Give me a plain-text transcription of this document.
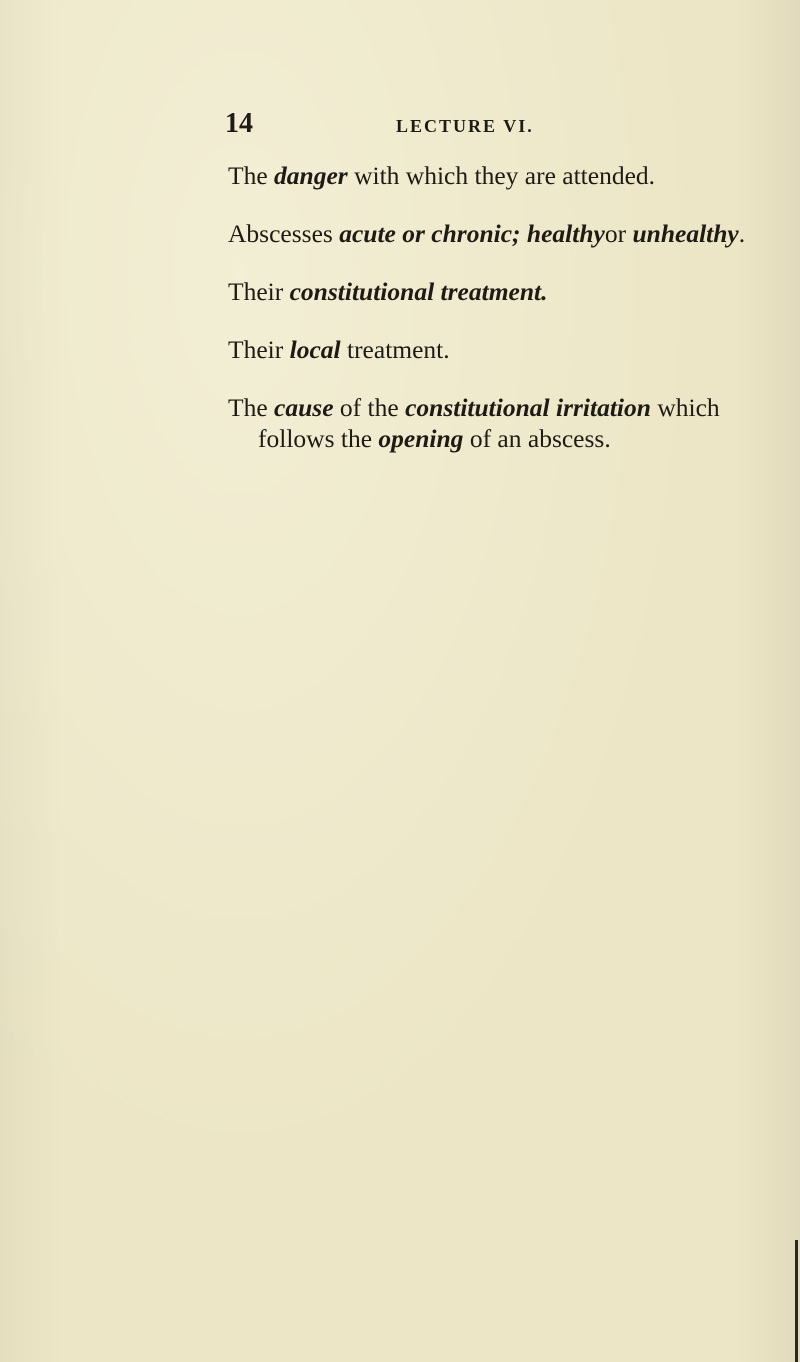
14	LECTURE VI.

The danger with which they are attended.

Abscesses acute or chronic; healthyor unhealthy.

Their constitutional treatment.

Their local treatment.

The cause of the constitutional irritation which

follows the opening of an abscess.
